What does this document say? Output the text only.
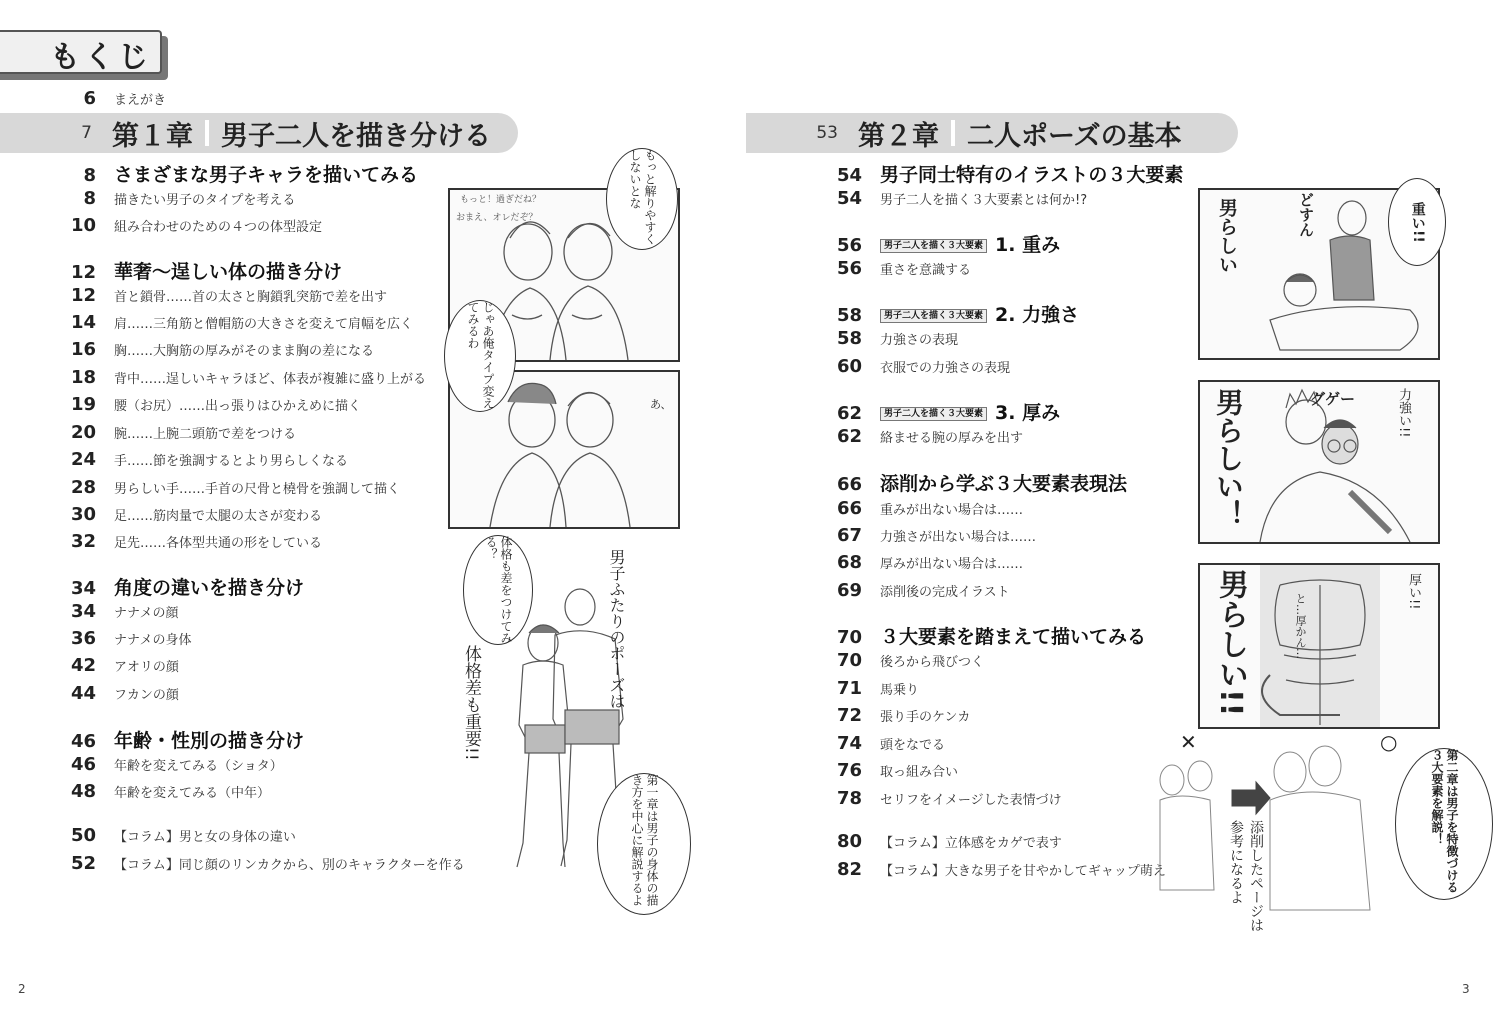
もくじ
6 まえがき
7 第１章 男子二人を描き分ける
8 さまざまな男子キャラを描いてみる
8 描きたい男子のタイプを考える
10 組み合わせのための４つの体型設定
12 華奢〜逞しい体の描き分け
12 首と鎖骨……首の太さと胸鎖乳突筋で差を出す
14 肩……三角筋と僧帽筋の大きさを変えて肩幅を広く
16 胸……大胸筋の厚みがそのまま胸の差になる
18 背中……逞しいキャラほど、体表が複雑に盛り上がる
19 腰（お尻）……出っ張りはひかえめに描く
20 腕……上腕二頭筋で差をつける
24 手……節を強調するとより男らしくなる
28 男らしい手……手首の尺骨と橈骨を強調して描く
30 足……筋肉量で太腿の太さが変わる
32 足先……各体型共通の形をしている
34 角度の違いを描き分け
34 ナナメの顔
36 ナナメの身体
42 アオリの顔
44 フカンの顔
46 年齢・性別の描き分け
46 年齢を変えてみる（ショタ）
48 年齢を変えてみる（中年）
50 【コラム】男と女の身体の違い
52 【コラム】同じ顔のリンカクから、別のキャラクターを作る
53 第２章 二人ポーズの基本
54 男子同士特有のイラストの３大要素
54 男子二人を描く３大要素とは何か!?
56	男子二人を描く３大要素 1. 重み
56 重さを意識する
58	男子二人を描く３大要素 2. 力強さ
58 力強さの表現
60 衣服での力強さの表現
62	男子二人を描く３大要素 3. 厚み
62 絡ませる腕の厚みを出す
66 添削から学ぶ３大要素表現法
66 重みが出ない場合は……
67 力強さが出ない場合は……
68 厚みが出ない場合は……
69 添削後の完成イラスト
70 ３大要素を踏まえて描いてみる
70 後ろから飛びつく
71 馬乗り
72 張り手のケンカ
74 頭をなでる
76 取っ組み合い
78 セリフをイメージした表情づけ
80 【コラム】立体感をカゲで表す
82 【コラム】大きな男子を甘やかしてギャップ萌え
もっと！過ぎだね？
おまえ、オレだぞ？	もっと解りやすくしないとな
あ、
じゃあ俺タイプ変えてみるわ
体格も差をつけてみる？
男子ふたりのポーズは
体格差も重要!!
第一章は男子の身体の描き方を中心に解説するよ
男らしい	どすん	重い!!
男らしい！	グゲー	力強い!!
男らしい!!	と…厚かん…
厚い!!
✕	○
添削したページは参考になるよ	第二章は男子を特徴づける３大要素を解説！
2	3
